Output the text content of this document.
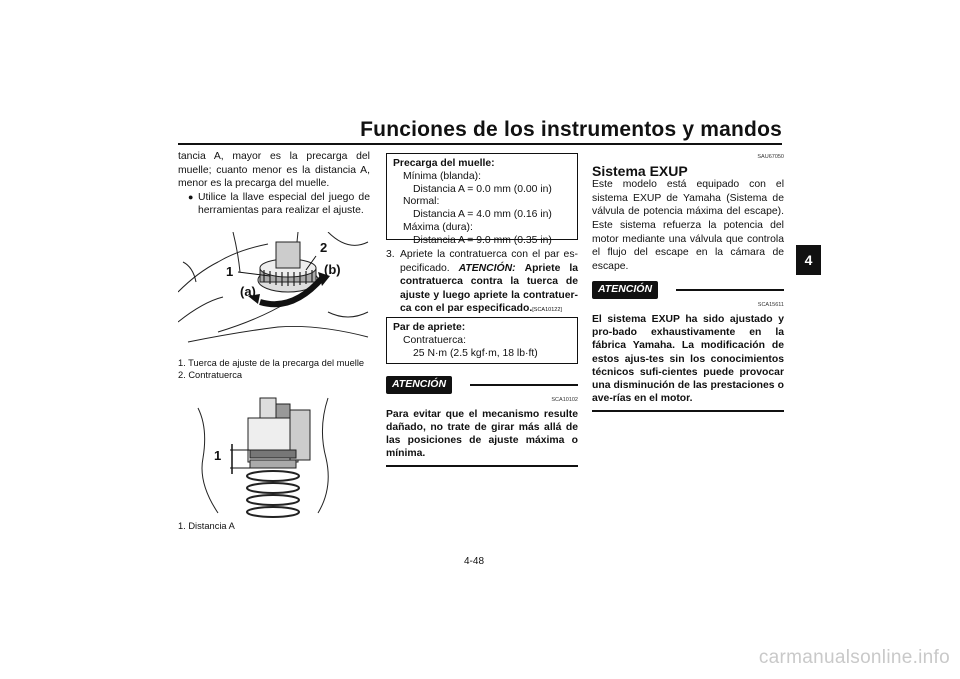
Funciones de los instrumentos y mandos
4

tancia A, mayor es la precarga del muelle; cuanto menor es la distancia A, menor es la precarga del muelle.

● Utilice la llave especial del juego de herramientas para realizar el ajuste.
1
2
(a)
(b)
1. Tuerca de ajuste de la precarga del muelle
2. Contratuerca
1
1. Distancia A
Precarga del muelle:
Mínima (blanda):
Distancia A = 0.0 mm (0.00 in)
Normal:
Distancia A = 4.0 mm (0.16 in)
Máxima (dura):
Distancia A = 9.0 mm (0.35 in)
3. Apriete la contratuerca con el par es-pecificado. ATENCIÓN: Apriete la contratuerca contra la tuerca de ajuste y luego apriete la contratuer-ca con el par especificado.[SCA10122]
Par de apriete:
Contratuerca:
25 N·m (2.5 kgf·m, 18 lb·ft)
ATENCIÓN
SCA10102
Para evitar que el mecanismo resulte dañado, no trate de girar más allá de las posiciones de ajuste máxima o mínima.
SAU67050
Sistema EXUP

Este modelo está equipado con el sistema EXUP de Yamaha (Sistema de válvula de potencia máxima del escape). Este sistema refuerza la potencia del motor mediante una válvula que controla el flujo del escape en la cámara de escape.

ATENCIÓN
SCA15611
El sistema EXUP ha sido ajustado y pro-bado exhaustivamente en la fábrica Yamaha. La modificación de estos ajus-tes sin los conocimientos técnicos sufi-cientes puede provocar una disminución de las prestaciones o ave-rías en el motor.
4-48
carmanualsonline.info
